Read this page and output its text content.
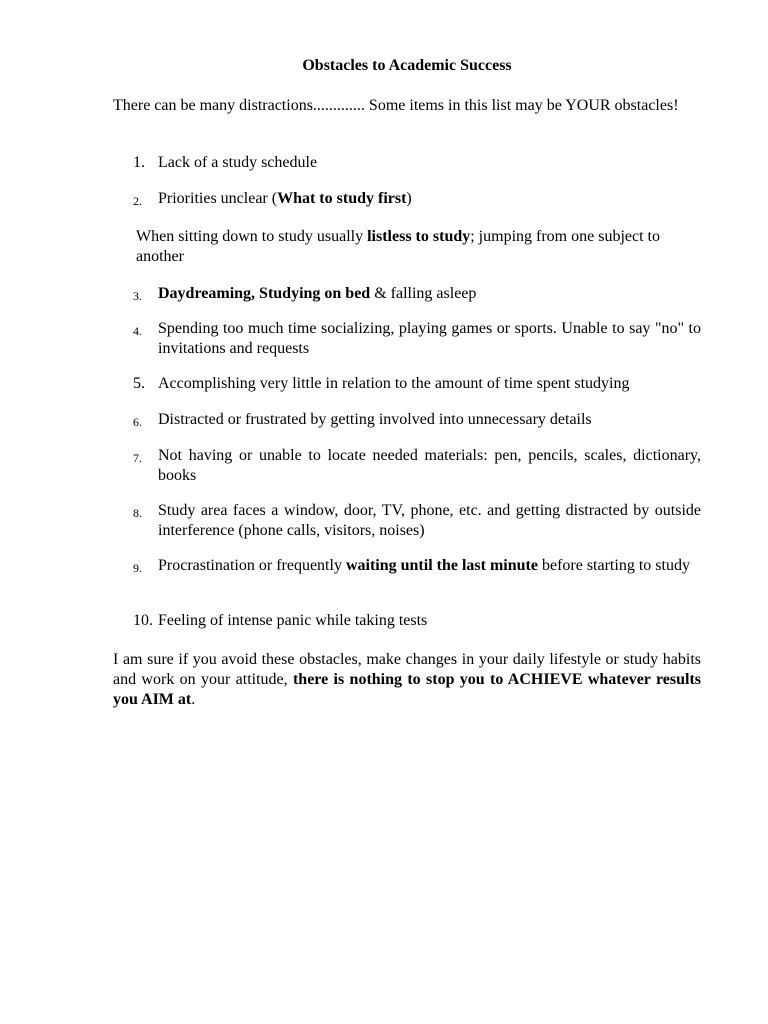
Obstacles to Academic Success
There can be many distractions............. Some items in this list may be YOUR obstacles!
1. Lack of a study schedule
2. Priorities unclear (What to study first)
When sitting down to study usually listless to study; jumping from one subject to another
3. Daydreaming, Studying on bed & falling asleep
4. Spending too much time socializing, playing games or sports. Unable to say "no" to invitations and requests
5. Accomplishing very little in relation to the amount of time spent studying
6. Distracted or frustrated by getting involved into unnecessary details
7. Not having or unable to locate needed materials: pen, pencils, scales, dictionary, books
8. Study area faces a window, door, TV, phone, etc. and getting distracted by outside interference (phone calls, visitors, noises)
9. Procrastination or frequently waiting until the last minute before starting to study
10. Feeling of intense panic while taking tests
I am sure if you avoid these obstacles, make changes in your daily lifestyle or study habits and work on your attitude, there is nothing to stop you to ACHIEVE whatever results you AIM at.
